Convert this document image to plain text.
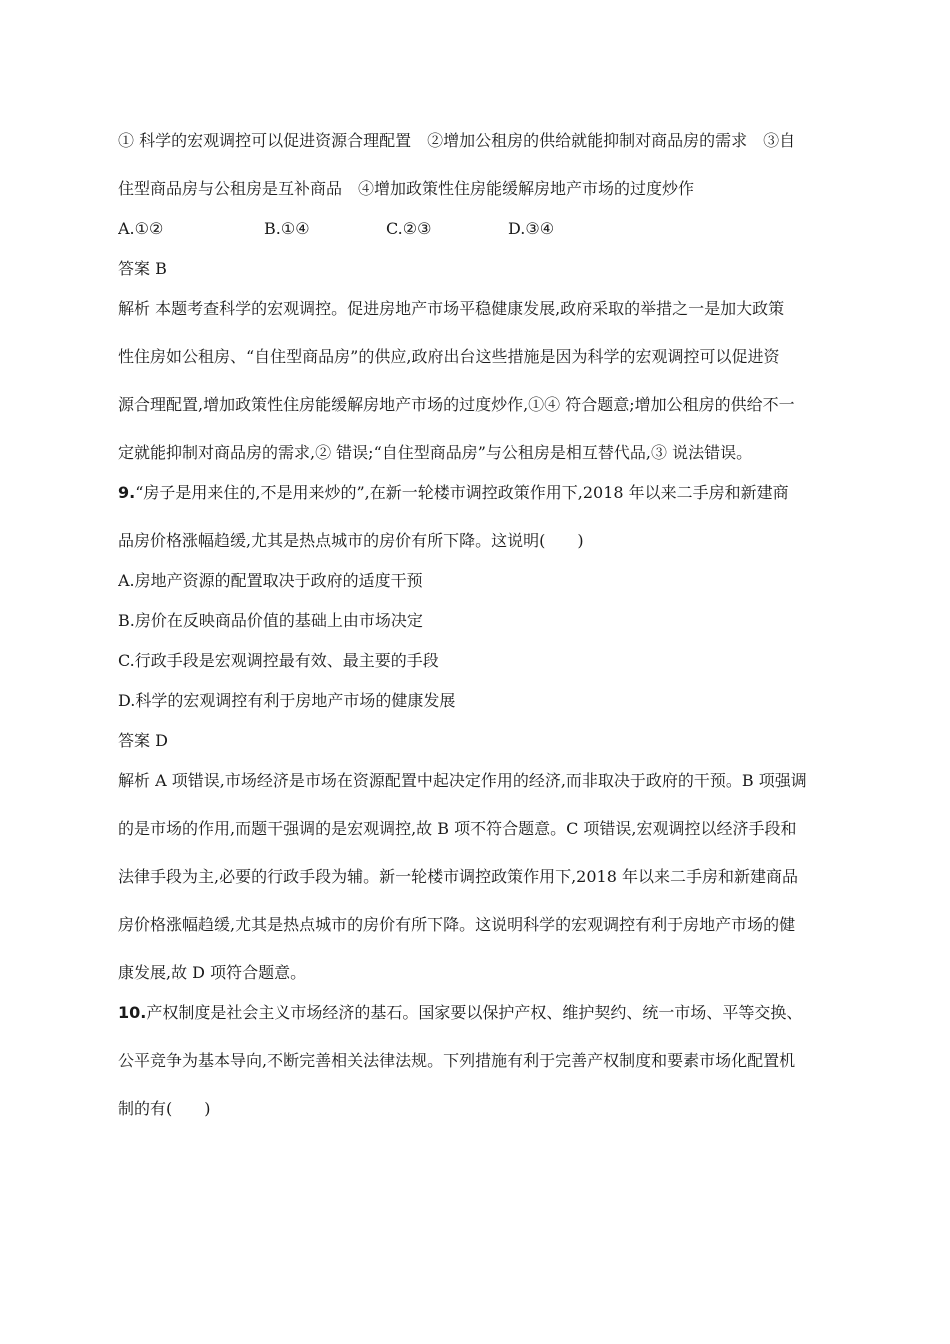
① 科学的宏观调控可以促进资源合理配置　②增加公租房的供给就能抑制对商品房的需求　③自
住型商品房与公租房是互补商品　④增加政策性住房能缓解房地产市场的过度炒作
A.①②	B.①④	C.②③	D.③④
答案 B
解析 本题考查科学的宏观调控。促进房地产市场平稳健康发展,政府采取的举措之一是加大政策
性住房如公租房、“自住型商品房”的供应,政府出台这些措施是因为科学的宏观调控可以促进资
源合理配置,增加政策性住房能缓解房地产市场的过度炒作,①④ 符合题意;增加公租房的供给不一
定就能抑制对商品房的需求,② 错误;“自住型商品房”与公租房是相互替代品,③ 说法错误。
9.“房子是用来住的,不是用来炒的”,在新一轮楼市调控政策作用下,2018 年以来二手房和新建商
品房价格涨幅趋缓,尤其是热点城市的房价有所下降。这说明(　　)
A.房地产资源的配置取决于政府的适度干预
B.房价在反映商品价值的基础上由市场决定
C.行政手段是宏观调控最有效、最主要的手段
D.科学的宏观调控有利于房地产市场的健康发展
答案 D
解析 A 项错误,市场经济是市场在资源配置中起决定作用的经济,而非取决于政府的干预。B 项强调
的是市场的作用,而题干强调的是宏观调控,故 B 项不符合题意。C 项错误,宏观调控以经济手段和
法律手段为主,必要的行政手段为辅。新一轮楼市调控政策作用下,2018 年以来二手房和新建商品
房价格涨幅趋缓,尤其是热点城市的房价有所下降。这说明科学的宏观调控有利于房地产市场的健
康发展,故 D 项符合题意。
10.产权制度是社会主义市场经济的基石。国家要以保护产权、维护契约、统一市场、平等交换、
公平竞争为基本导向,不断完善相关法律法规。下列措施有利于完善产权制度和要素市场化配置机
制的有(　　)
